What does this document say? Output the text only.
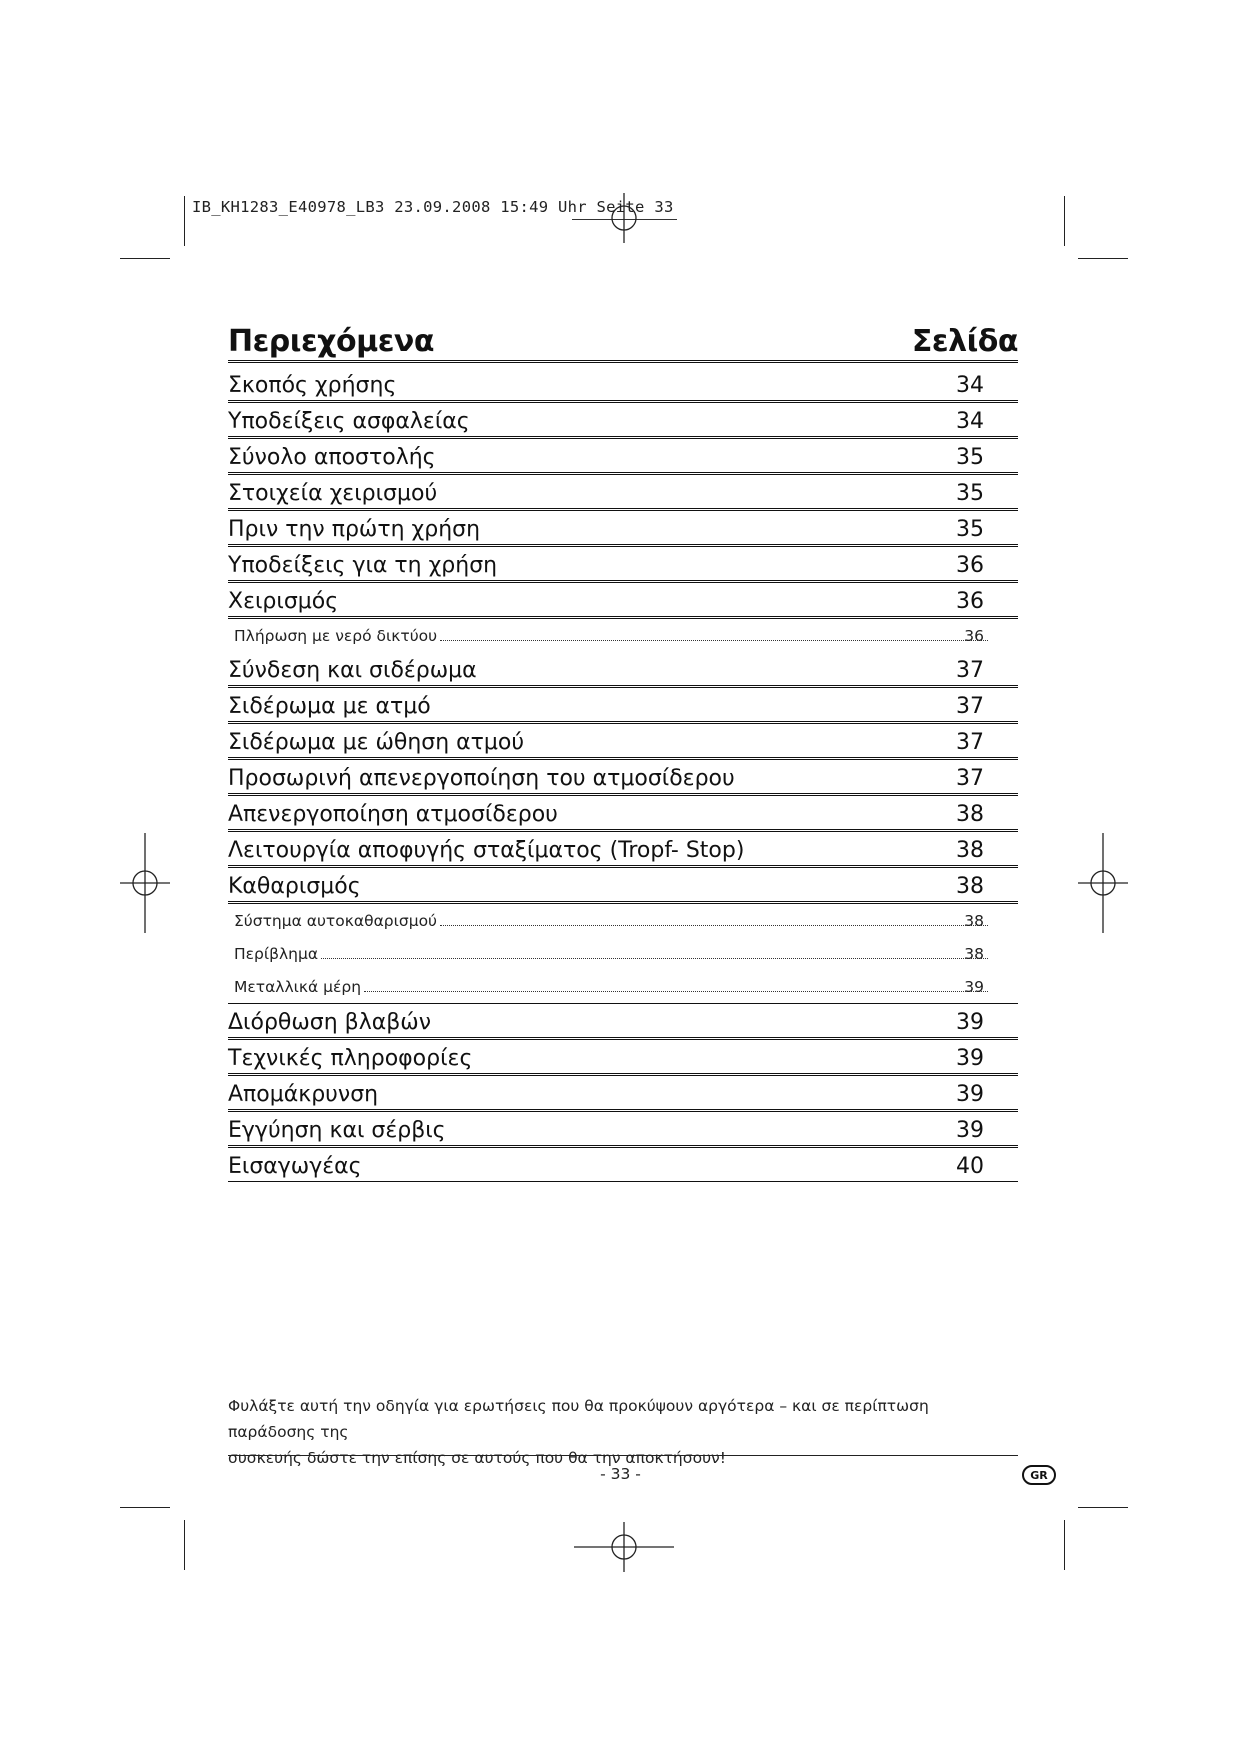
IB_KH1283_E40978_LB3 23.09.2008 15:49 Uhr Seite 33
Περιεχόμενα	Σελίδα
Σκοπός χρήσης	34
Υποδείξεις ασφαλείας	34
Σύνολο αποστολής	35
Στοιχεία χειρισμού	35
Πριν την πρώτη χρήση	35
Υποδείξεις για τη χρήση	36
Χειρισμός	36
Πλήρωση με νερό δικτύου	36
Σύνδεση και σιδέρωμα	37
Σιδέρωμα με ατμό	37
Σιδέρωμα με ώθηση ατμού	37
Προσωρινή απενεργοποίηση του ατμοσίδερου	37
Απενεργοποίηση ατμοσίδερου	38
Λειτουργία αποφυγής σταξίματος (Tropf- Stop)	38
Καθαρισμός	38
Σύστημα αυτοκαθαρισμού	38
Περίβλημα	38
Μεταλλικά μέρη	39
Διόρθωση βλαβών	39
Τεχνικές πληροφορίες	39
Απομάκρυνση	39
Εγγύηση και σέρβις	39
Εισαγωγέας	40
Φυλάξτε αυτή την οδηγία για ερωτήσεις που θα προκύψουν αργότερα – και σε περίπτωση παράδοσης της
συσκευής δώστε την επίσης σε αυτούς που θα την αποκτήσουν!
- 33 -	GR
